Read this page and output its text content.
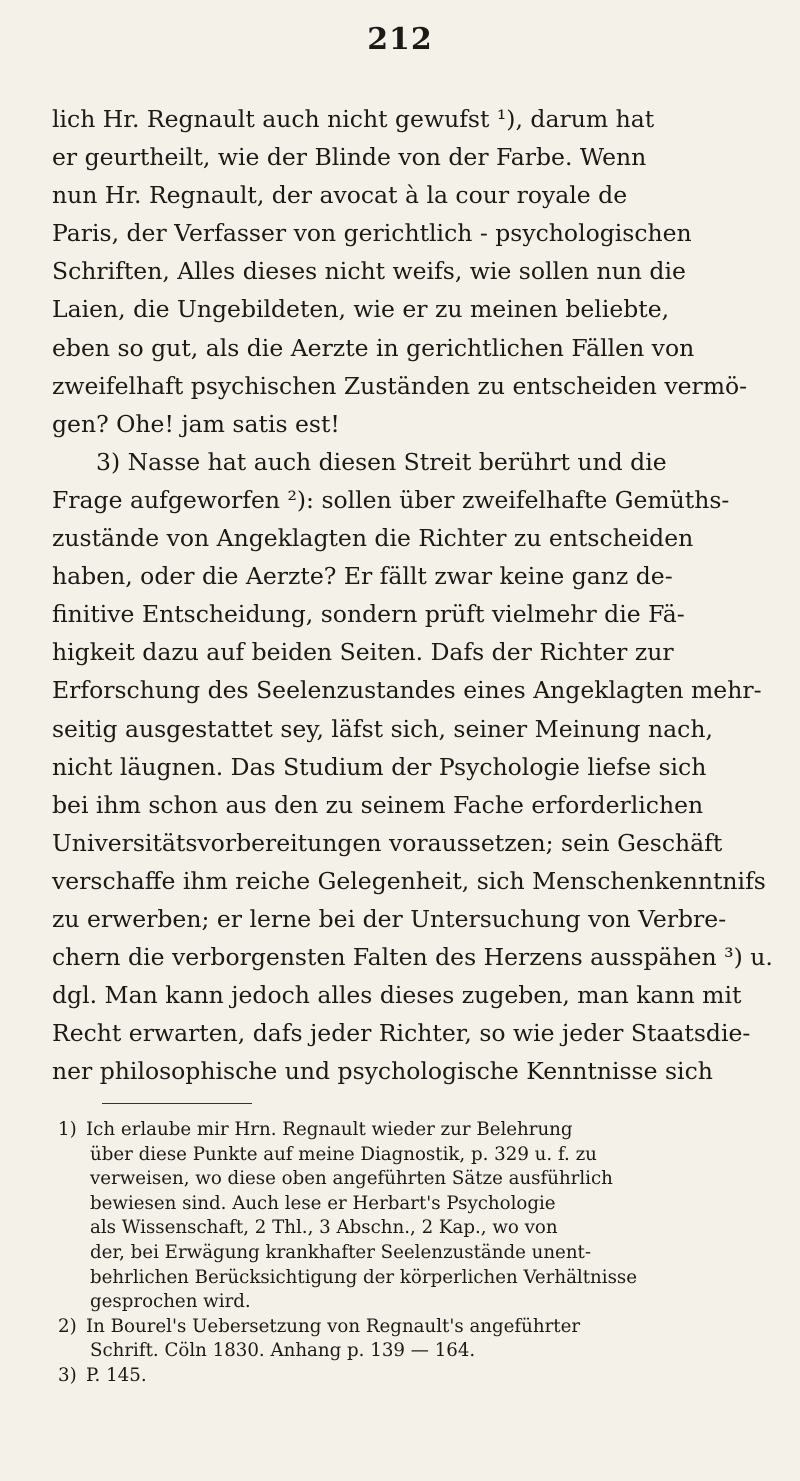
212
lich Hr. Regnault auch nicht gewufst ¹), darum hat
er geurtheilt, wie der Blinde von der Farbe. Wenn
nun Hr. Regnault, der avocat à la cour royale de
Paris, der Verfasser von gerichtlich - psychologischen
Schriften, Alles dieses nicht weifs, wie sollen nun die
Laien, die Ungebildeten, wie er zu meinen beliebte,
eben so gut, als die Aerzte in gerichtlichen Fällen von
zweifelhaft psychischen Zuständen zu entscheiden vermö-
gen? Ohe! jam satis est!
3) Nasse hat auch diesen Streit berührt und die
Frage aufgeworfen ²): sollen über zweifelhafte Gemüths-
zustände von Angeklagten die Richter zu entscheiden
haben, oder die Aerzte? Er fällt zwar keine ganz de-
finitive Entscheidung, sondern prüft vielmehr die Fä-
higkeit dazu auf beiden Seiten. Dafs der Richter zur
Erforschung des Seelenzustandes eines Angeklagten mehr-
seitig ausgestattet sey, läfst sich, seiner Meinung nach,
nicht läugnen. Das Studium der Psychologie liefse sich
bei ihm schon aus den zu seinem Fache erforderlichen
Universitätsvorbereitungen voraussetzen; sein Geschäft
verschaffe ihm reiche Gelegenheit, sich Menschenkenntnifs
zu erwerben; er lerne bei der Untersuchung von Verbre-
chern die verborgensten Falten des Herzens ausspähen ³) u.
dgl. Man kann jedoch alles dieses zugeben, man kann mit
Recht erwarten, dafs jeder Richter, so wie jeder Staatsdie-
ner philosophische und psychologische Kenntnisse sich
1) Ich erlaube mir Hrn. Regnault wieder zur Belehrung
über diese Punkte auf meine Diagnostik, p. 329 u. f. zu
verweisen, wo diese oben angeführten Sätze ausführlich
bewiesen sind. Auch lese er Herbart's Psychologie
als Wissenschaft, 2 Thl., 3 Abschn., 2 Kap., wo von
der, bei Erwägung krankhafter Seelenzustände unent-
behrlichen Berücksichtigung der körperlichen Verhältnisse
gesprochen wird.
2) In Bourel's Uebersetzung von Regnault's angeführter
Schrift. Cöln 1830. Anhang p. 139 — 164.
3) P. 145.
